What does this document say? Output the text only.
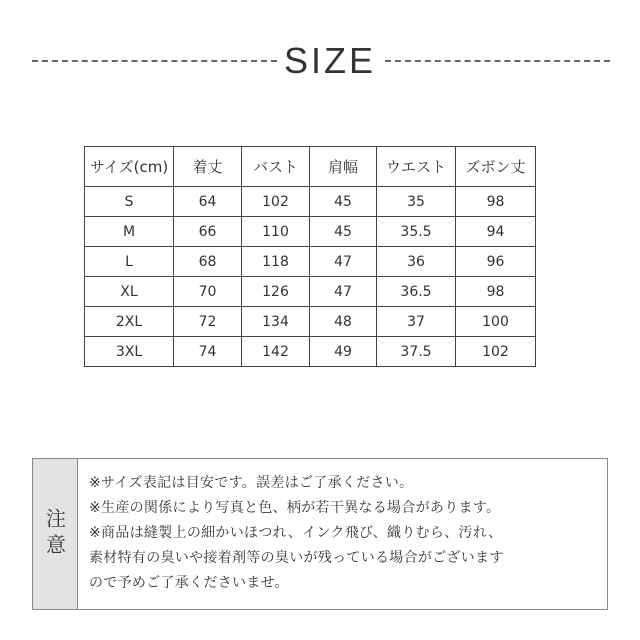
SIZE
サイズ(cm)	着丈	バスト	肩幅	ウエスト	ズボン丈
S	64	102	45	35	98
M	66	110	45	35.5	94
L	68	118	47	36	96
XL	70	126	47	36.5	98
2XL	72	134	48	37	100
3XL	74	142	49	37.5	102
注意
※サイズ表記は目安です。誤差はご了承ください。
※生産の関係により写真と色、柄が若干異なる場合があります。
※商品は縫製上の細かいほつれ、インク飛び、織りむら、汚れ、
素材特有の臭いや接着剤等の臭いが残っている場合がございます
ので予めご了承くださいませ。
